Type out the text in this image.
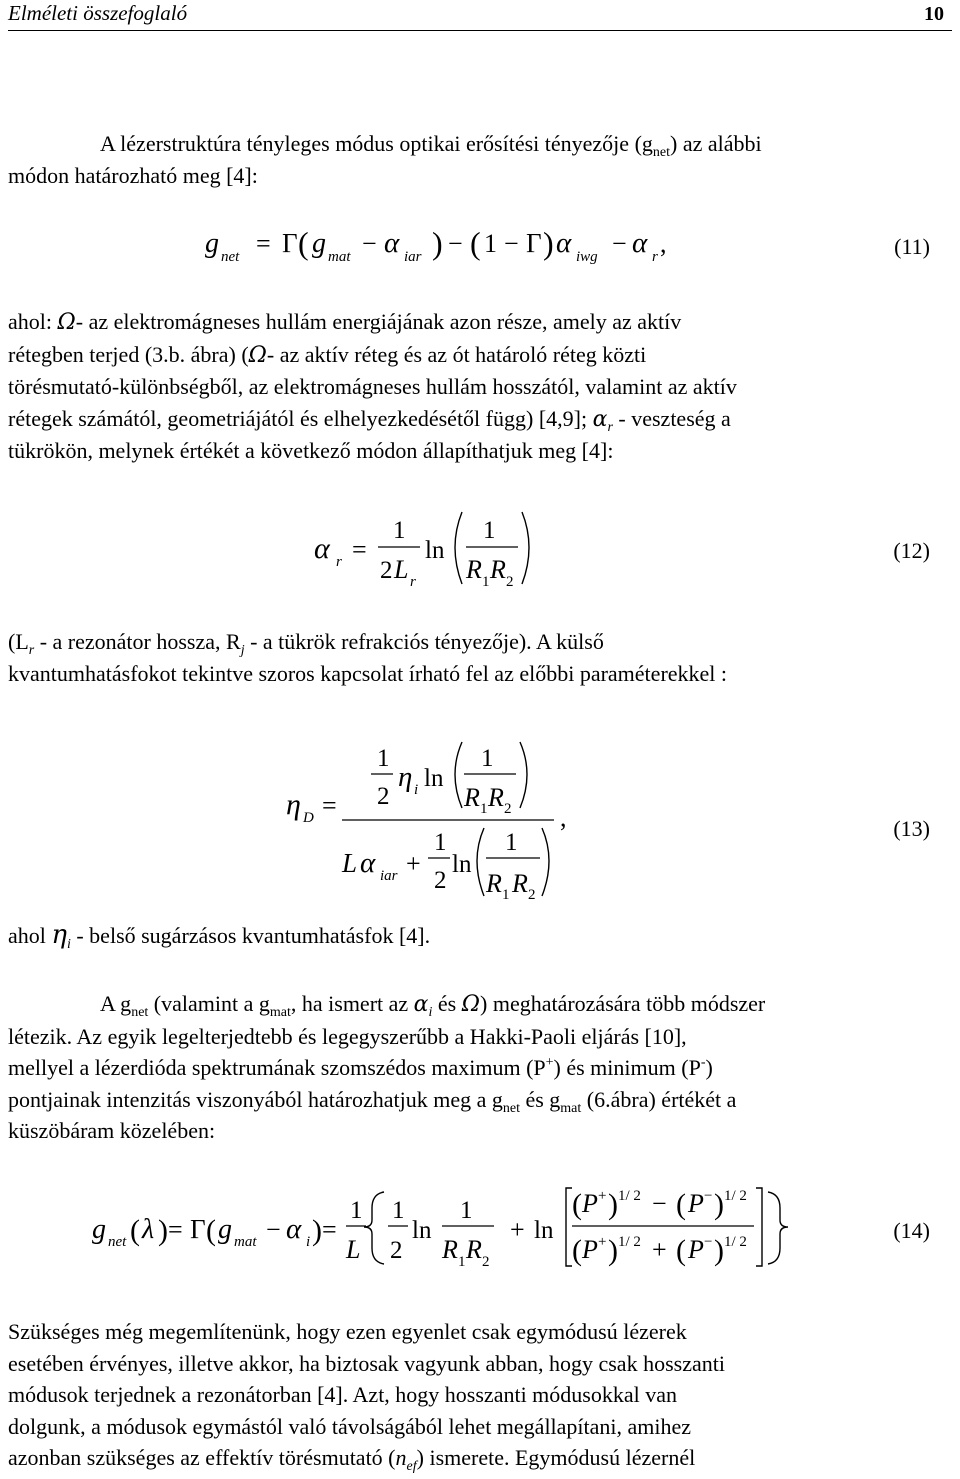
Elméleti összefoglaló	10
A lézerstruktúra tényleges módus optikai erősítési tényezője $(g_{net})$ az alábbi
módon határozható meg [4]:
g net = Γ ( g mat − α iar ) − ( 1 − Γ ) α iwg − α r ,	(11)
ahol: Ω- az elektromágneses hullám energiájának azon része, amely az aktív
rétegben terjed (3.b. ábra) (Ω- az aktív réteg és az ót határoló réteg közti
törésmutató-különbségből, az elektromágneses hullám hosszától, valamint az aktív
rétegek számától, geometriájától és elhelyezkedésétől függ) [4,9]; $\alpha_r$ - veszteség a
tükrökön, melynek értékét a következő módon állapíthatjuk meg [4]:
α r =
1
2 L r
ln
1
R 1 R 2
(12)
($L_r$ - a rezonátor hossza, $R_j$ - a tükrök refrakciós tényezője). A külső
kvantumhatásfokot tekintve szoros kapcsolat írható fel az előbbi paraméterekkel :
η D =
1
2
η i ln
1
R 1 R 2 ,
L α iar +
1
2
ln
1
R 1 R 2
(13)
ahol $\eta_i$ - belső sugárzásos kvantumhatásfok [4].
A $g_{net}$ (valamint a $g_{mat}$, ha ismert az $\alpha_i$ és Ω) meghatározására több módszer
létezik. Az egyik legelterjedtebb és legegyszerűbb a Hakki-Paoli eljárás [10],
mellyel a lézerdióda spektrumának szomszédos maximum (P+) és minimum (P-)
pontjainak intenzitás viszonyából határozhatjuk meg a $g_{net}$ és $g_{mat}$ (6.ábra) értékét a
küszöbáram közelében:
g net ( λ ) = Γ ( g mat − α i ) =
1
L
1
2
ln
1
R 1 R 2
+ ln
( P + ) 1/ 2 − ( P − ) 1/ 2
( P + ) 1/ 2 + ( P − ) 1/ 2	(14)
Szükséges még megemlítenünk, hogy ezen egyenlet csak egymódusú lézerek
esetében érvényes, illetve akkor, ha biztosak vagyunk abban, hogy csak hosszanti
módusok terjednek a rezonátorban [4]. Azt, hogy hosszanti módusokkal van
dolgunk, a módusok egymástól való távolságából lehet megállapítani, amihez
azonban szükséges az effektív törésmutató $(n_{ef})$ ismerete. Egymódusú lézernél
